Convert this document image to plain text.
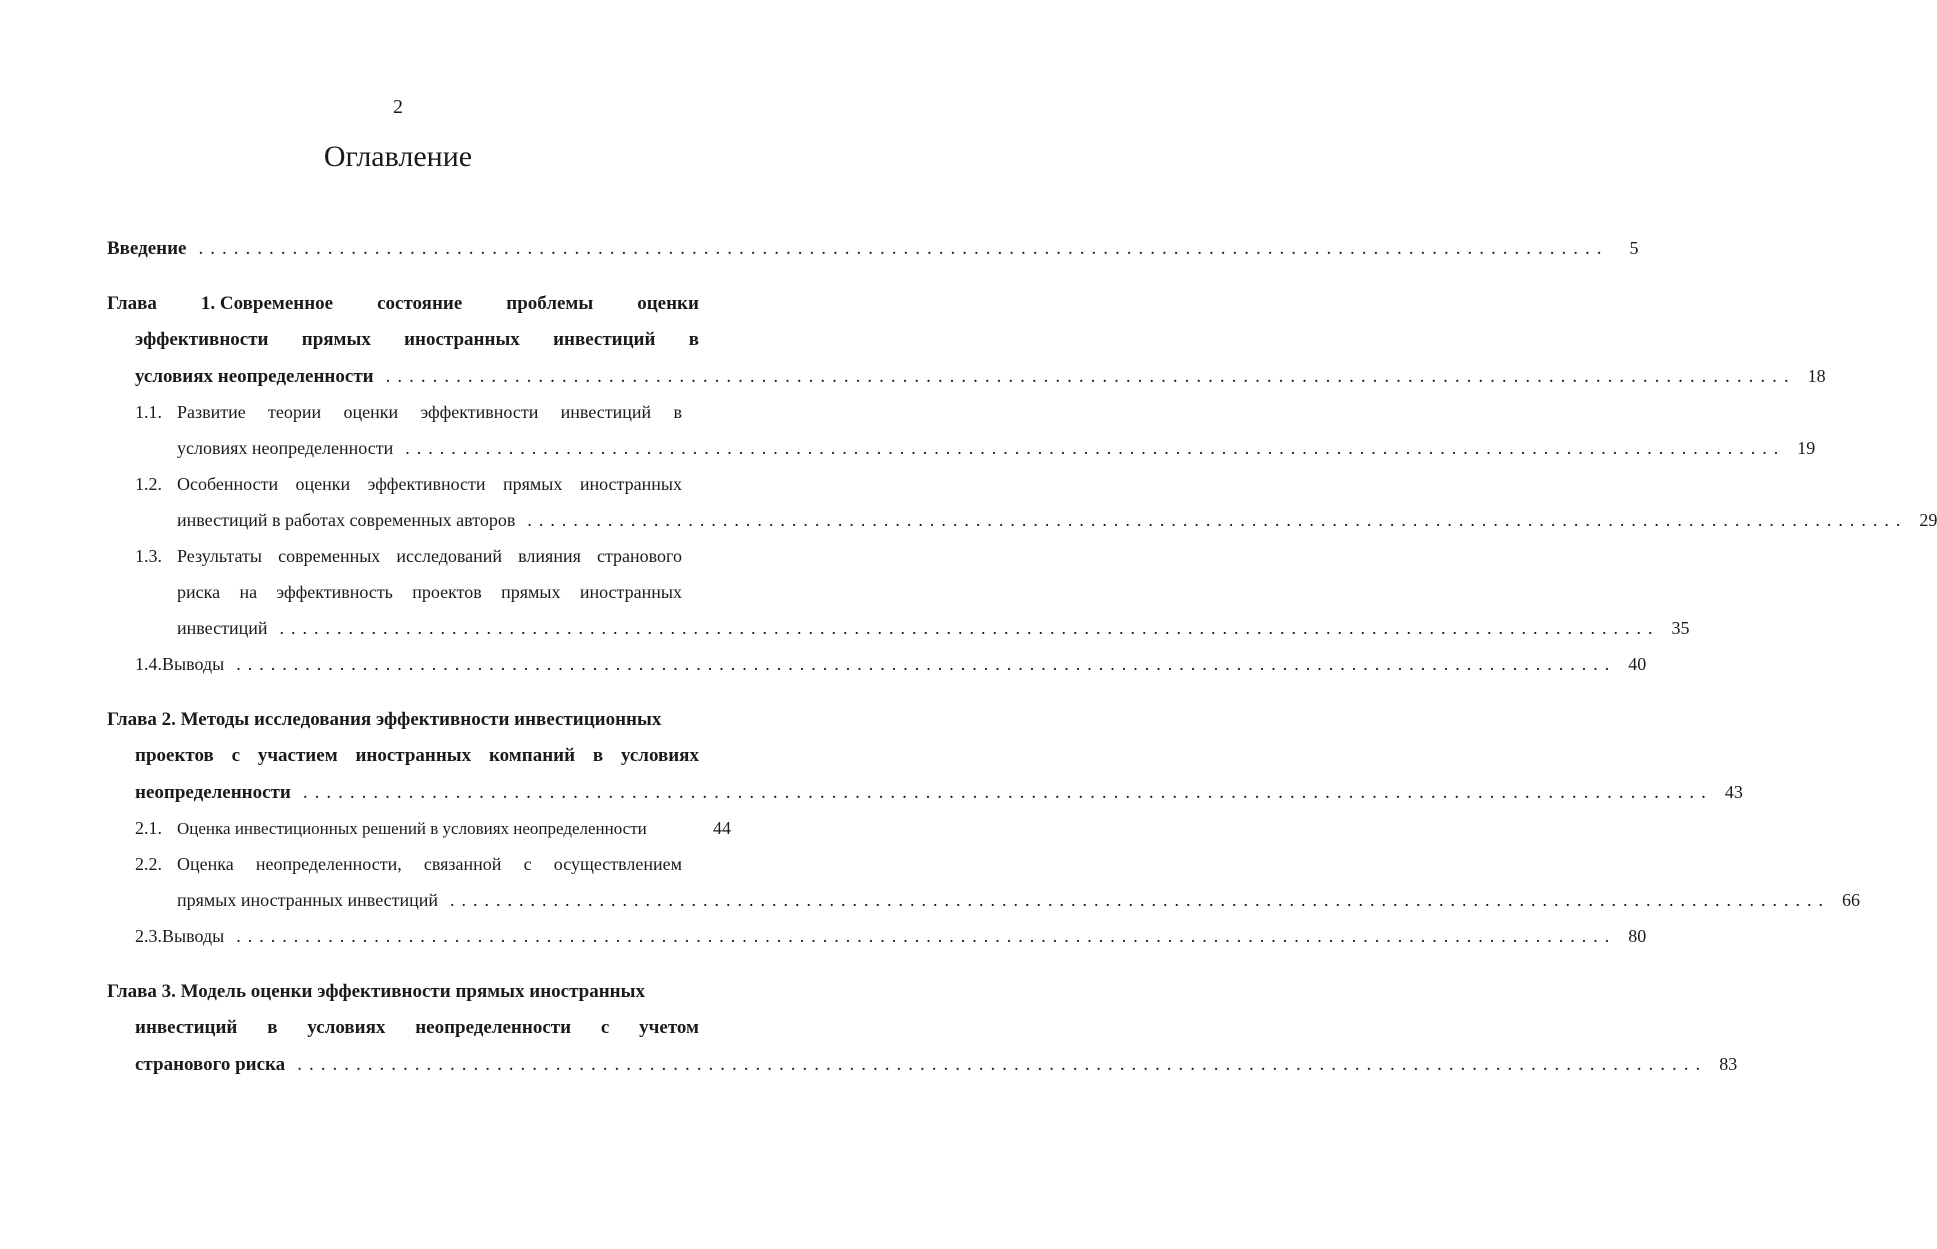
2
Оглавление
Введение ........................................................................................................................	5
Глава 1. Современное состояние проблемы оценки
эффективности прямых иностранных инвестиций в
условиях неопределенности ........................................................................................................................ 18
1.1. Развитие теории оценки эффективности инвестиций в
условиях неопределенности ........................................................................................................................ 19
1.2. Особенности оценки эффективности прямых иностранных
инвестиций в работах современных авторов ........................................................................................................................ 29
1.3. Результаты современных исследований влияния странового
риска на эффективность проектов прямых иностранных
инвестиций ........................................................................................................................ 35
1.4. Выводы ........................................................................................................................ 40
Глава 2. Методы исследования эффективности инвестиционных
проектов с участием иностранных компаний в условиях
неопределенности ........................................................................................................................ 43
2.1. Оценка инвестиционных решений в условиях неопределенности	44
2.2. Оценка неопределенности, связанной с осуществлением
прямых иностранных инвестиций ........................................................................................................................ 66
2.3. Выводы ........................................................................................................................ 80
Глава 3. Модель оценки эффективности прямых иностранных
инвестиций в условиях неопределенности с учетом
странового риска ........................................................................................................................ 83
